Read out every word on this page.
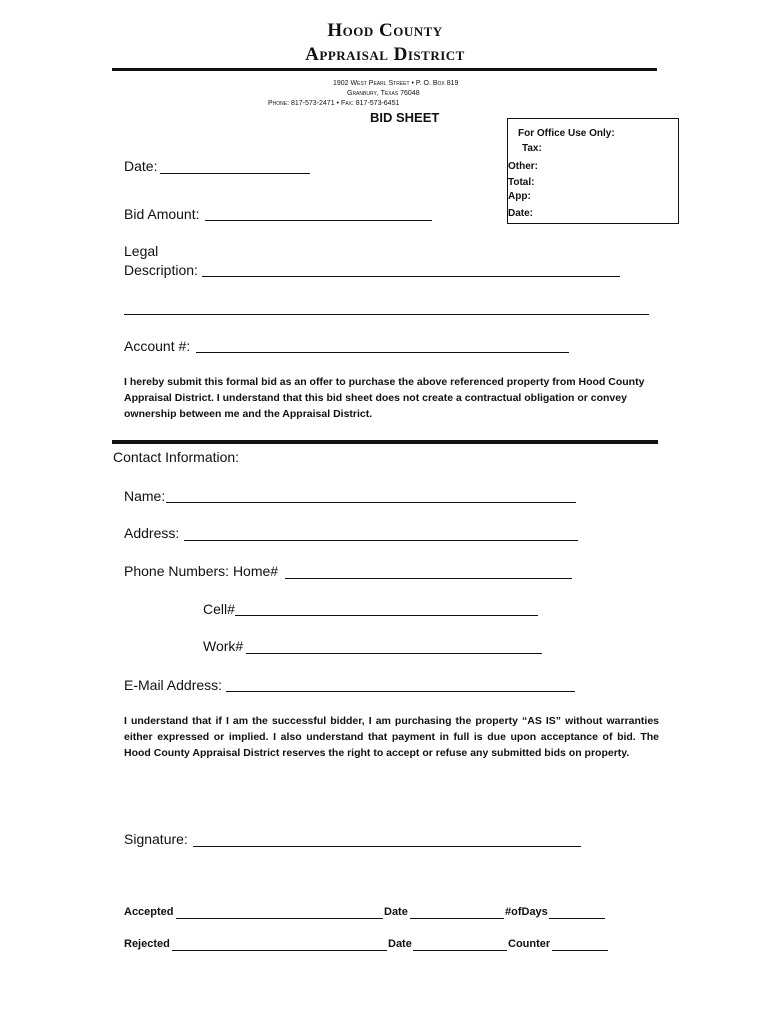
Hood County
Appraisal District
1902 West Pearl Street • P. O. Box 819
Granbury, Texas 76048
Phone: 817-573-2471 • Fax: 817-573-6451
BID SHEET
For Office Use Only:
Tax:
Other:
Total:
App:
Date:
Date:
Bid Amount:
Legal
Description:
Account #:
I hereby submit this formal bid as an offer to purchase the above referenced property from Hood County Appraisal District. I understand that this bid sheet does not create a contractual obligation or convey ownership between me and the Appraisal District.
Contact Information:
Name:
Address:
Phone Numbers: Home#
Cell#
Work#
E-Mail Address:
I understand that if I am the successful bidder, I am purchasing the property “AS IS” without warranties either expressed or implied. I also understand that payment in full is due upon acceptance of bid. The Hood County Appraisal District reserves the right to accept or refuse any submitted bids on property.
Signature:
Accepted	Date	#ofDays
Rejected	Date	Counter
